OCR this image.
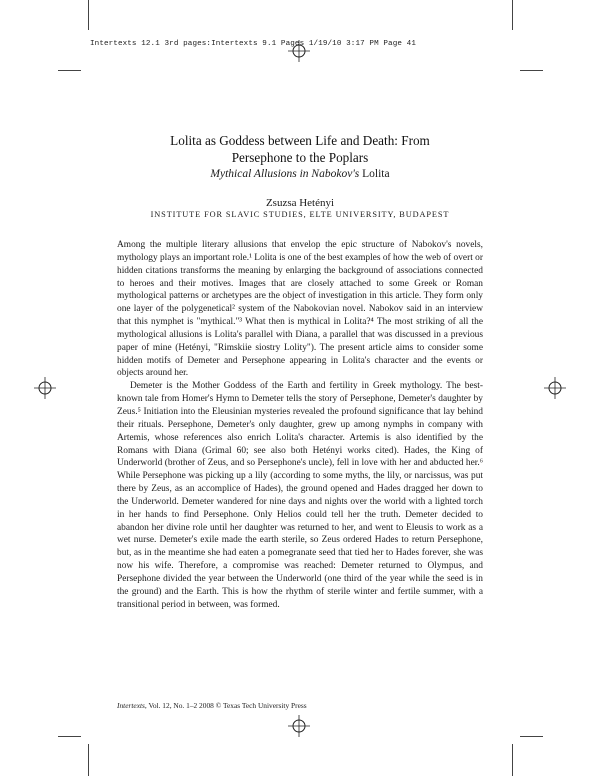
Intertexts 12.1 3rd pages:Intertexts 9.1 Pages 1/19/10 3:17 PM Page 41
Lolita as Goddess between Life and Death: From
Persephone to the Poplars
Mythical Allusions in Nabokov's Lolita
Zsuzsa Hetényi
INSTITUTE FOR SLAVIC STUDIES, ELTE UNIVERSITY, BUDAPEST

Among the multiple literary allusions that envelop the epic structure of Nabokov's novels, mythology plays an important role.¹ Lolita is one of the best examples of how the web of overt or hidden citations transforms the meaning by enlarging the background of associations connected to heroes and their motives. Images that are closely attached to some Greek or Roman mythological patterns or archetypes are the object of investigation in this article. They form only one layer of the polygenetical² system of the Nabokovian novel. Nabokov said in an interview that this nymphet is "mythical."³ What then is mythical in Lolita?⁴ The most striking of all the mythological allusions is Lolita's parallel with Diana, a parallel that was discussed in a previous paper of mine (Hetényi, "Rimskiie siostry Lolity"). The present article aims to consider some hidden motifs of Demeter and Persephone appearing in Lolita's character and the events or objects around her.

Demeter is the Mother Goddess of the Earth and fertility in Greek mythology. The best-known tale from Homer's Hymn to Demeter tells the story of Persephone, Demeter's daughter by Zeus.⁵ Initiation into the Eleusinian mysteries revealed the profound significance that lay behind their rituals. Persephone, Demeter's only daughter, grew up among nymphs in company with Artemis, whose references also enrich Lolita's character. Artemis is also identified by the Romans with Diana (Grimal 60; see also both Hetényi works cited). Hades, the King of Underworld (brother of Zeus, and so Persephone's uncle), fell in love with her and abducted her.⁶ While Persephone was picking up a lily (according to some myths, the lily, or narcissus, was put there by Zeus, as an accomplice of Hades), the ground opened and Hades dragged her down to the Underworld. Demeter wandered for nine days and nights over the world with a lighted torch in her hands to find Persephone. Only Helios could tell her the truth. Demeter decided to abandon her divine role until her daughter was returned to her, and went to Eleusis to work as a wet nurse. Demeter's exile made the earth sterile, so Zeus ordered Hades to return Persephone, but, as in the meantime she had eaten a pomegranate seed that tied her to Hades forever, she was now his wife. Therefore, a compromise was reached: Demeter returned to Olympus, and Persephone divided the year between the Underworld (one third of the year while the seed is in the ground) and the Earth. This is how the rhythm of sterile winter and fertile summer, with a transitional period in between, was formed.

Intertexts, Vol. 12, No. 1–2 2008 © Texas Tech University Press
